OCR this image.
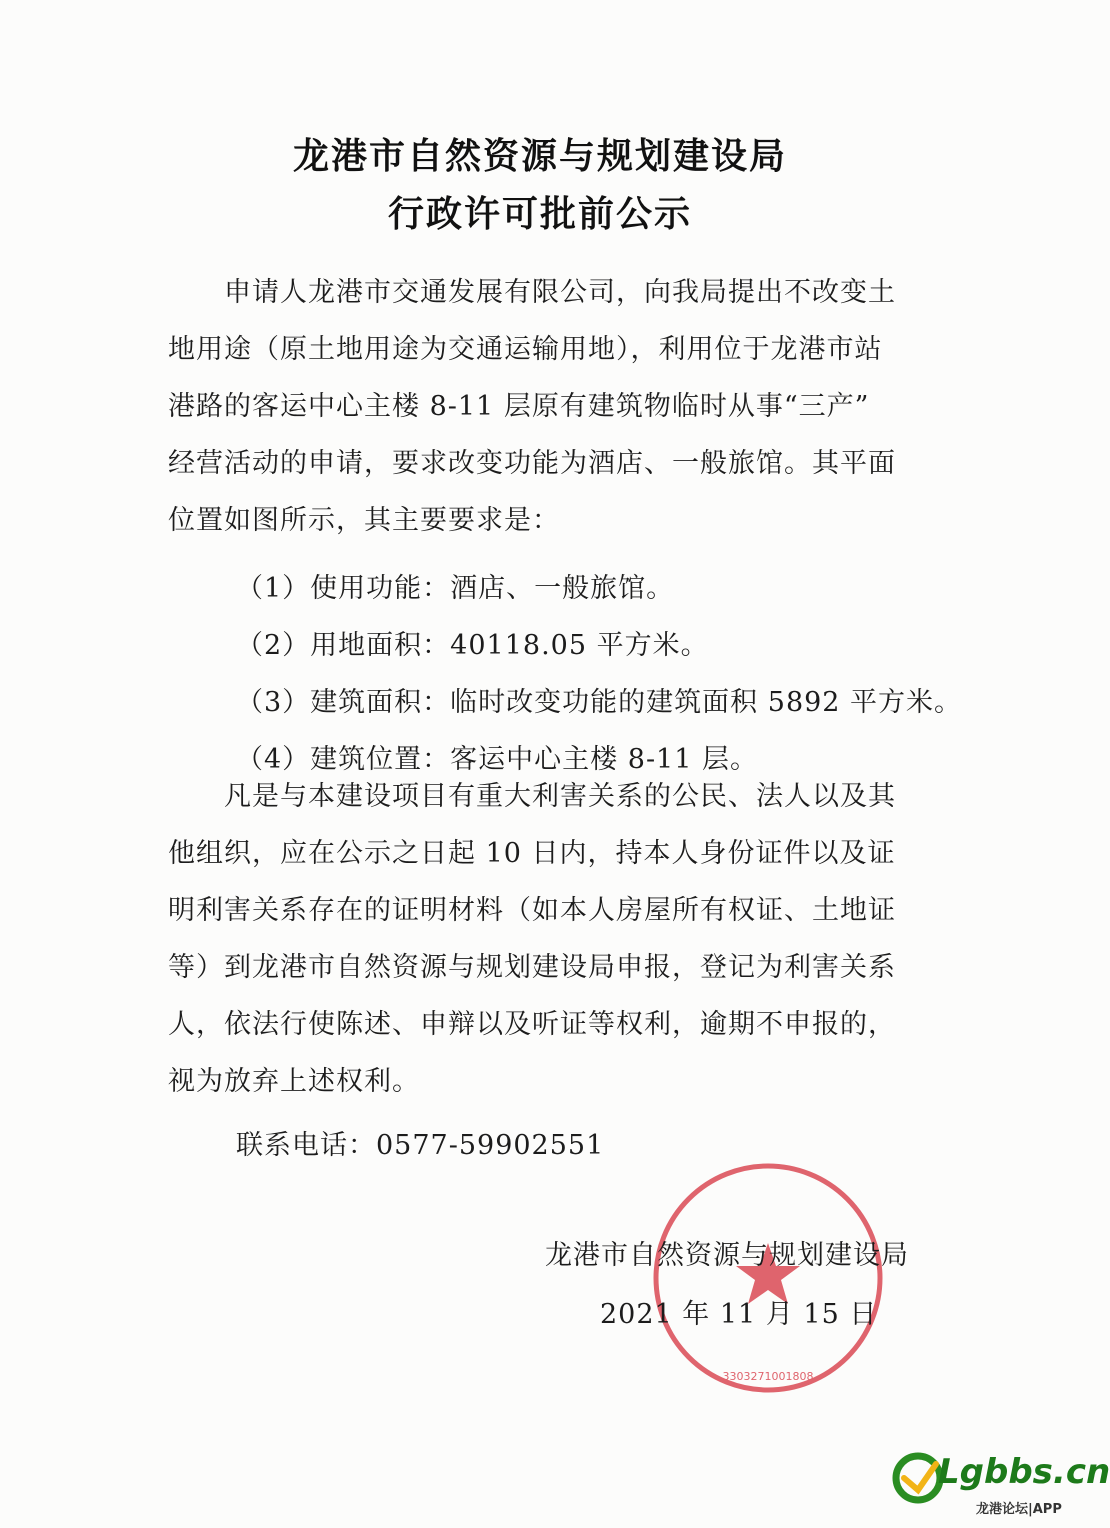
龙港市自然资源与规划建设局
行政许可批前公示

　　申请人龙港市交通发展有限公司，向我局提出不改变土
地用途（原土地用途为交通运输用地），利用位于龙港市站
港路的客运中心主楼 8-11 层原有建筑物临时从事“三产”
经营活动的申请，要求改变功能为酒店、一般旅馆。其平面
位置如图所示，其主要要求是：

（1）使用功能：酒店、一般旅馆。
（2）用地面积：40118.05 平方米。
（3）建筑面积：临时改变功能的建筑面积 5892 平方米。
（4）建筑位置：客运中心主楼 8-11 层。

　　凡是与本建设项目有重大利害关系的公民、法人以及其
他组织，应在公示之日起 10 日内，持本人身份证件以及证
明利害关系存在的证明材料（如本人房屋所有权证、土地证
等）到龙港市自然资源与规划建设局申报，登记为利害关系
人，依法行使陈述、申辩以及听证等权利，逾期不申报的，
视为放弃上述权利。

联系电话：0577-59902551
3303271001808
龙港市自然资源与规划建设局
2021 年 11 月 15 日
Lgbbs.cn
龙港论坛|APP
